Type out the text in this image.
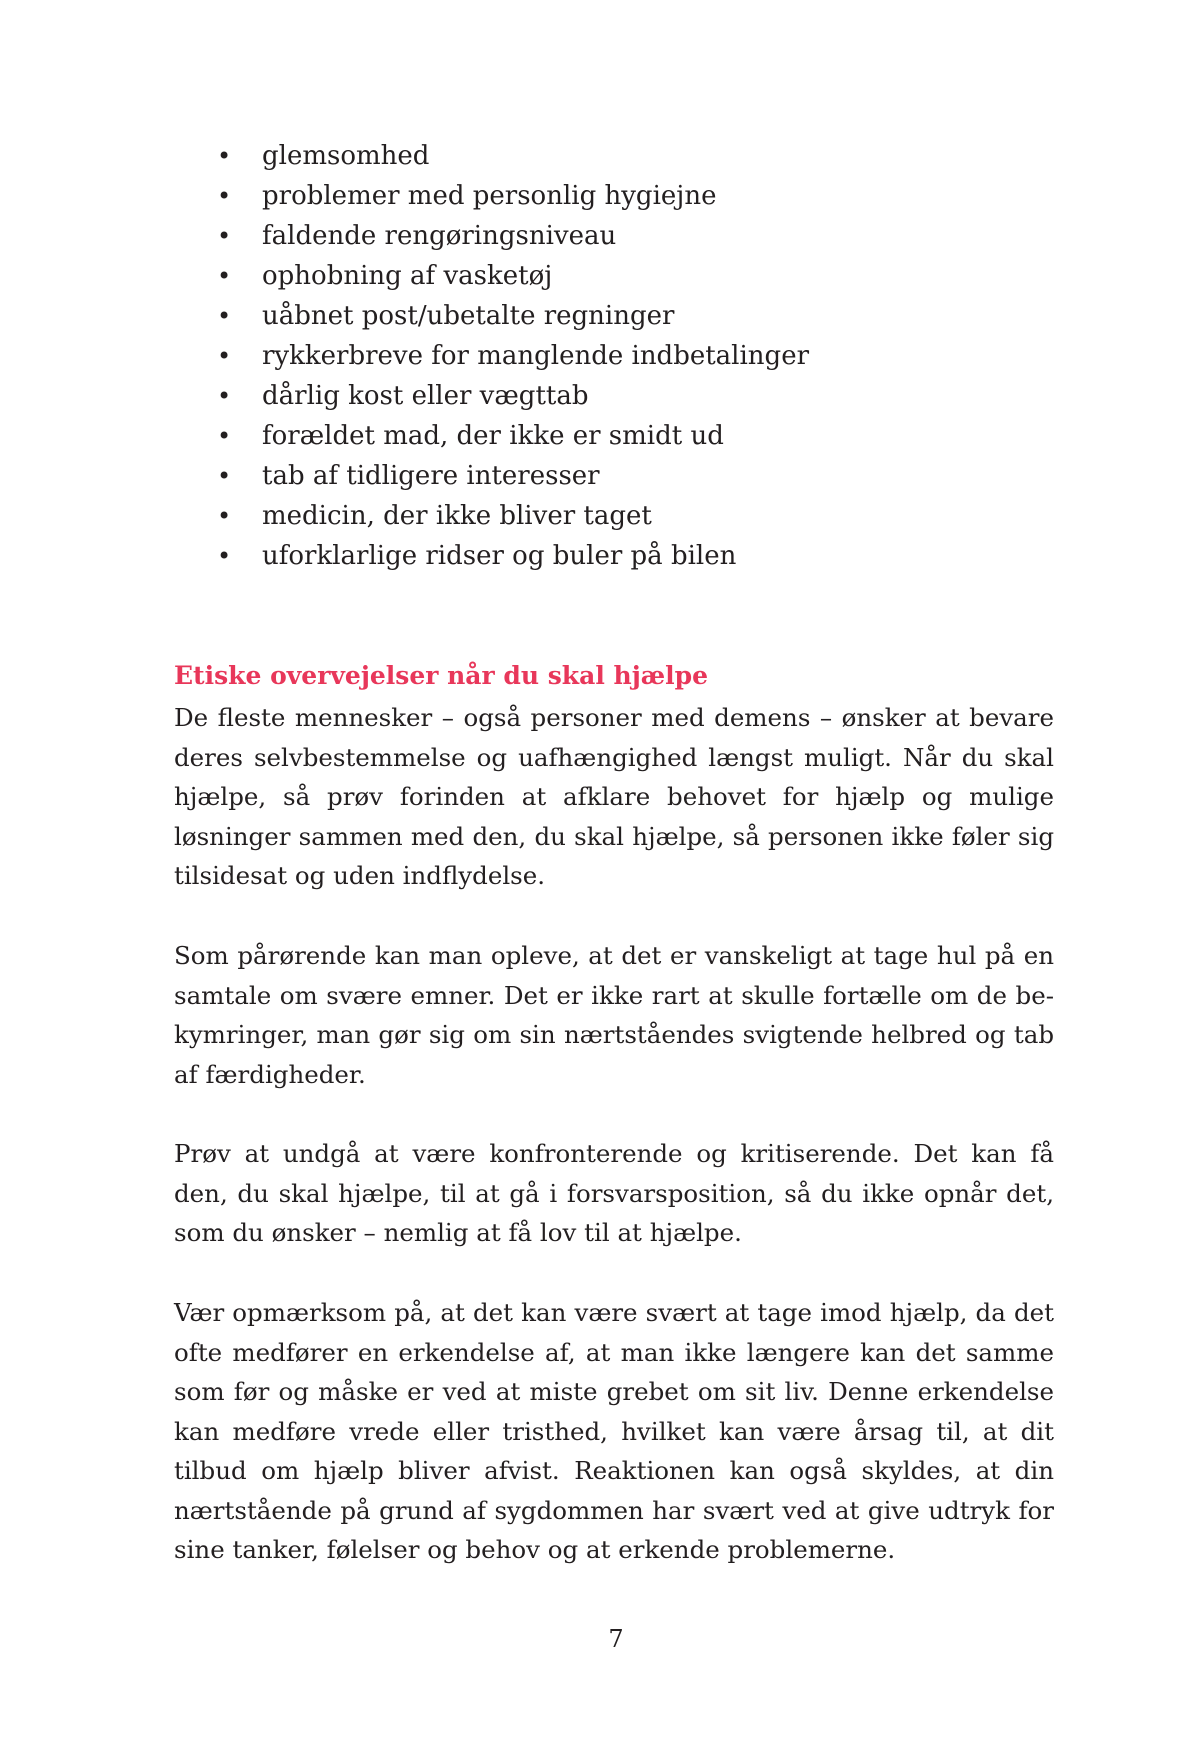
• glemsomhed
• problemer med personlig hygiejne
• faldende rengøringsniveau
• ophobning af vasketøj
• uåbnet post/ubetalte regninger
• rykkerbreve for manglende indbetalinger
• dårlig kost eller vægttab
• forældet mad, der ikke er smidt ud
• tab af tidligere interesser
• medicin, der ikke bliver taget
• uforklarlige ridser og buler på bilen
Etiske overvejelser når du skal hjælpe

De fleste mennesker – også personer med demens – ønsker at bevare deres selvbestemmelse og uafhængighed længst muligt. Når du skal hjælpe, så prøv forinden at afklare behovet for hjælp og mulige løsninger sammen med den, du skal hjælpe, så personen ikke føler sig tilsidesat og uden indflydelse.

Som pårørende kan man opleve, at det er vanskeligt at tage hul på en samtale om svære emner. Det er ikke rart at skulle fortælle om de bekymringer, man gør sig om sin nærtståendes svigtende helbred og tab af færdigheder.

Prøv at undgå at være konfronterende og kritiserende. Det kan få den, du skal hjælpe, til at gå i forsvarsposition, så du ikke opnår det, som du ønsker – nemlig at få lov til at hjælpe.

Vær opmærksom på, at det kan være svært at tage imod hjælp, da det ofte medfører en erkendelse af, at man ikke længere kan det samme som før og måske er ved at miste grebet om sit liv. Denne erkendelse kan medføre vrede eller tristhed, hvilket kan være årsag til, at dit tilbud om hjælp bliver afvist. Reaktionen kan også skyldes, at din nærtstående på grund af sygdommen har svært ved at give udtryk for sine tanker, følelser og behov og at erkende problemerne.

7
